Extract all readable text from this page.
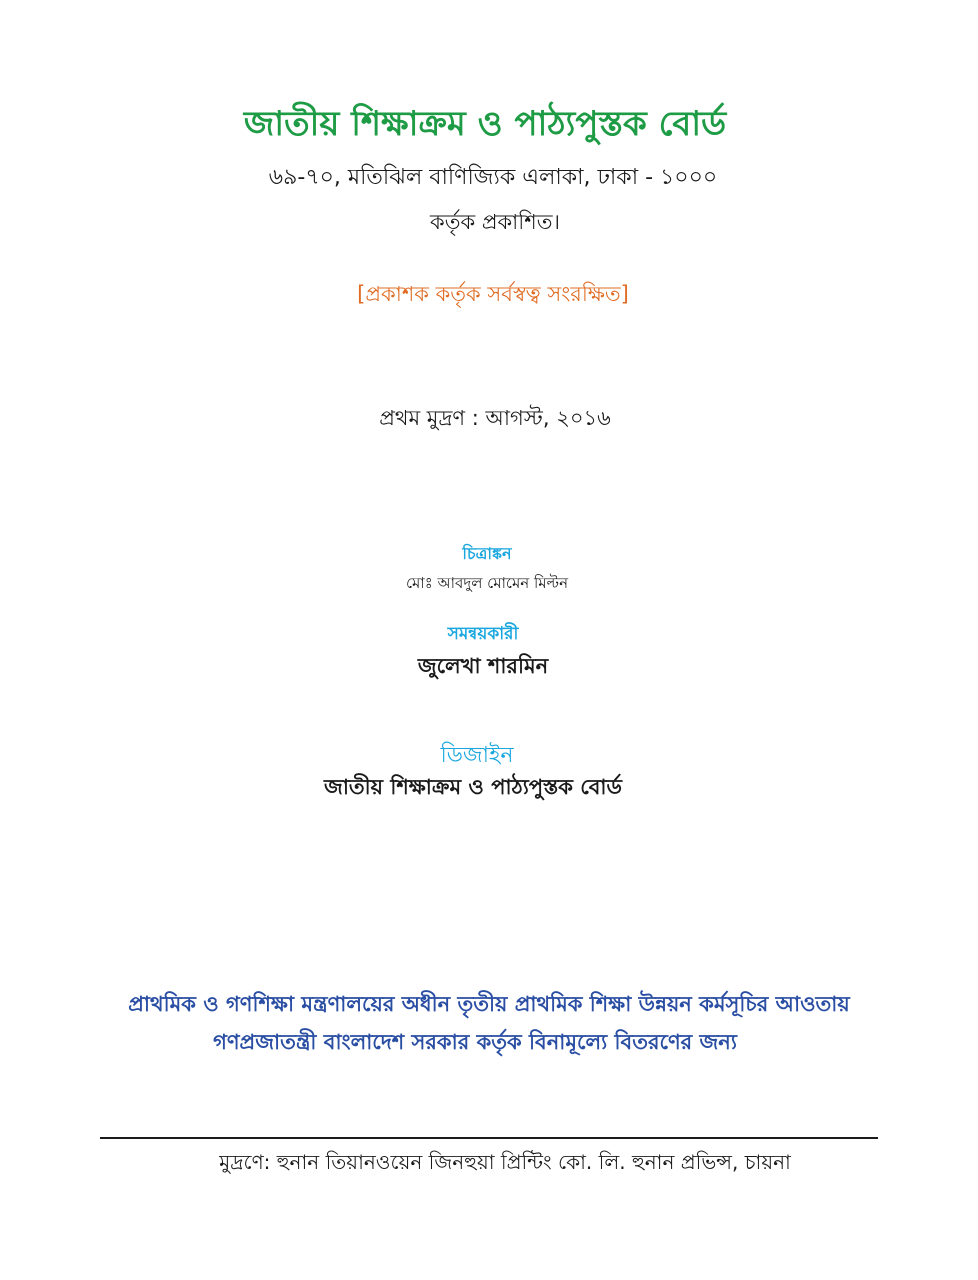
জাতীয় শিক্ষাক্রম ও পাঠ্যপুস্তক বোর্ড
৬৯-৭০, মতিঝিল বাণিজ্যিক এলাকা, ঢাকা - ১০০০
কর্তৃক প্রকাশিত।
[প্রকাশক কর্তৃক সর্বস্বত্ব সংরক্ষিত]
প্রথম মুদ্রণ : আগস্ট, ২০১৬
চিত্রাঙ্কন
মোঃ আবদুল মোমেন মিল্টন
সমন্বয়কারী
জুলেখা শারমিন
ডিজাইন
জাতীয় শিক্ষাক্রম ও পাঠ্যপুস্তক বোর্ড
প্রাথমিক ও গণশিক্ষা মন্ত্রণালয়ের অধীন তৃতীয় প্রাথমিক শিক্ষা উন্নয়ন কর্মসূচির আওতায়
গণপ্রজাতন্ত্রী বাংলাদেশ সরকার কর্তৃক বিনামূল্যে বিতরণের জন্য
মুদ্রণে: হুনান তিয়ানওয়েন জিনহুয়া প্রিন্টিং কো. লি. হুনান প্রভিন্স, চায়না
